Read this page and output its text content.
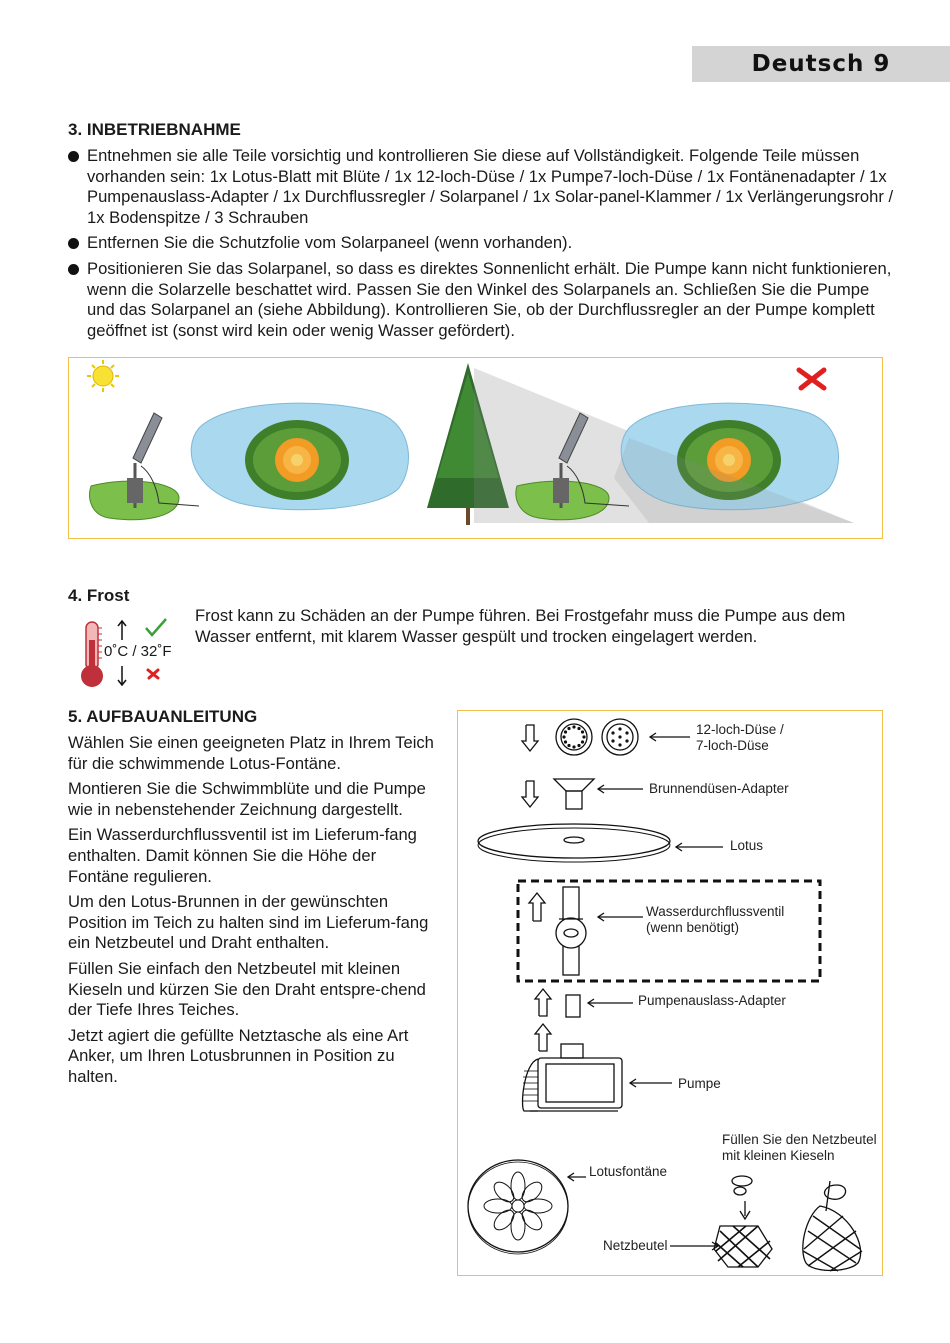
Deutsch 9
3. INBETRIEBNAHME
Entnehmen sie alle Teile vorsichtig und kontrollieren Sie diese auf Vollständigkeit. Folgende Teile müssen vorhanden sein: 1x Lotus-Blatt mit Blüte / 1x 12-loch-Düse / 1x Pumpe7-loch-Düse / 1x Fontänenadapter / 1x Pumpenauslass-Adapter / 1x Durchflussregler / Solarpanel / 1x Solar-panel-Klammer / 1x Verlängerungsrohr / 1x Bodenspitze / 3 Schrauben
Entfernen Sie die Schutzfolie vom Solarpaneel (wenn vorhanden).
Positionieren Sie das Solarpanel, so dass es direktes Sonnenlicht erhält. Die Pumpe kann nicht funktionieren, wenn die Solarzelle beschattet wird. Passen Sie den Winkel des Solarpanels an. Schließen Sie die Pumpe und das Solarpanel an (siehe Abbildung). Kontrollieren Sie, ob der Durchflussregler an der Pumpe komplett geöffnet ist (sonst wird kein oder wenig Wasser gefördert).
4. Frost
0˚C / 32˚F
Frost kann zu Schäden an der Pumpe führen. Bei Frostgefahr muss die Pumpe aus dem Wasser entfernt, mit klarem Wasser gespült und trocken eingelagert werden.
5. AUFBAUANLEITUNG

Wählen Sie einen geeigneten Platz in Ihrem Teich für die schwimmende Lotus-Fontäne.

Montieren Sie die Schwimmblüte und die Pumpe wie in nebenstehender Zeichnung dargestellt.

Ein Wasserdurchflussventil ist im Lieferum-fang enthalten. Damit können Sie die Höhe der Fontäne regulieren.

Um den Lotus-Brunnen in der gewünschten Position im Teich zu halten sind im Lieferum-fang ein Netzbeutel und Draht enthalten.

Füllen Sie einfach den Netzbeutel mit kleinen Kieseln und kürzen Sie den Draht entspre-chend der Tiefe Ihres Teiches.

Jetzt agiert die gefüllte Netztasche als eine Art Anker, um Ihren Lotusbrunnen in Position zu halten.

12-loch-Düse /
7-loch-Düse
Brunnendüsen-Adapter
Lotus
Wasserdurchflussventil
(wenn benötigt)
Pumpenauslass-Adapter
Pumpe
Füllen Sie den Netzbeutel
mit kleinen Kieseln
Lotusfontäne
Netzbeutel
